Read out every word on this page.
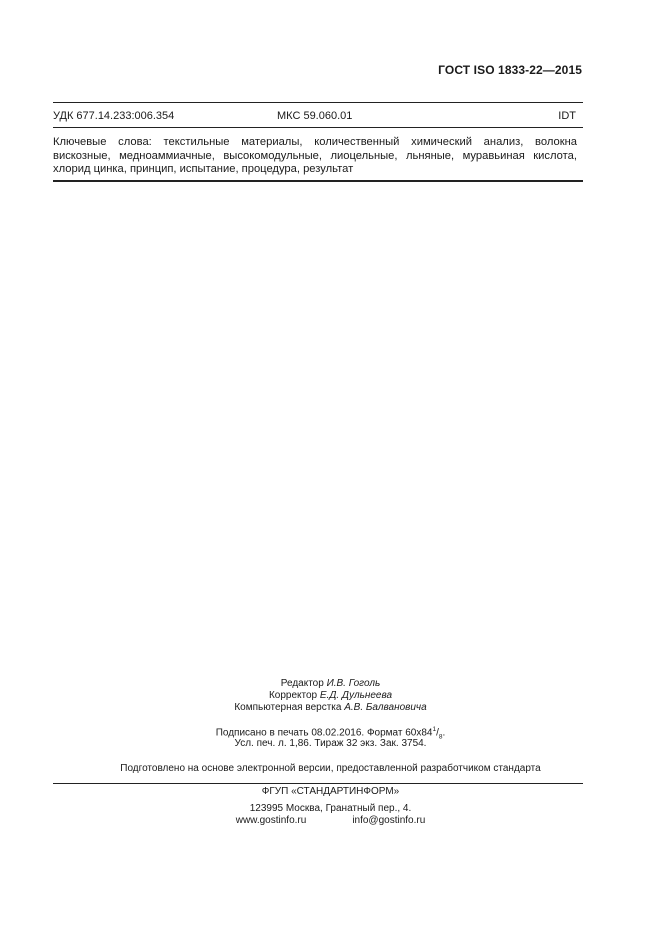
ГОСТ ISO 1833-22—2015
УДК 677.14.233:006.354	МКС 59.060.01	IDT
Ключевые слова: текстильные материалы, количественный химический анализ, волокна вискозные, медноаммиачные, высокомодульные, лиоцельные, льняные, муравьиная кислота, хлорид цинка, принцип, испытание, процедура, результат
Редактор И.В. Гоголь
Корректор Е.Д. Дульнеева
Компьютерная верстка А.В. Балвановича
Подписано в печать 08.02.2016. Формат $60х84^1/_8$.
Усл. печ. л. 1,86. Тираж 32 экз. Зак. 3754.
Подготовлено на основе электронной версии, предоставленной разработчиком стандарта
ФГУП «СТАНДАРТИНФОРМ»
123995 Москва, Гранатный пер., 4.
www.gostinfo.ru	info@gostinfo.ru
